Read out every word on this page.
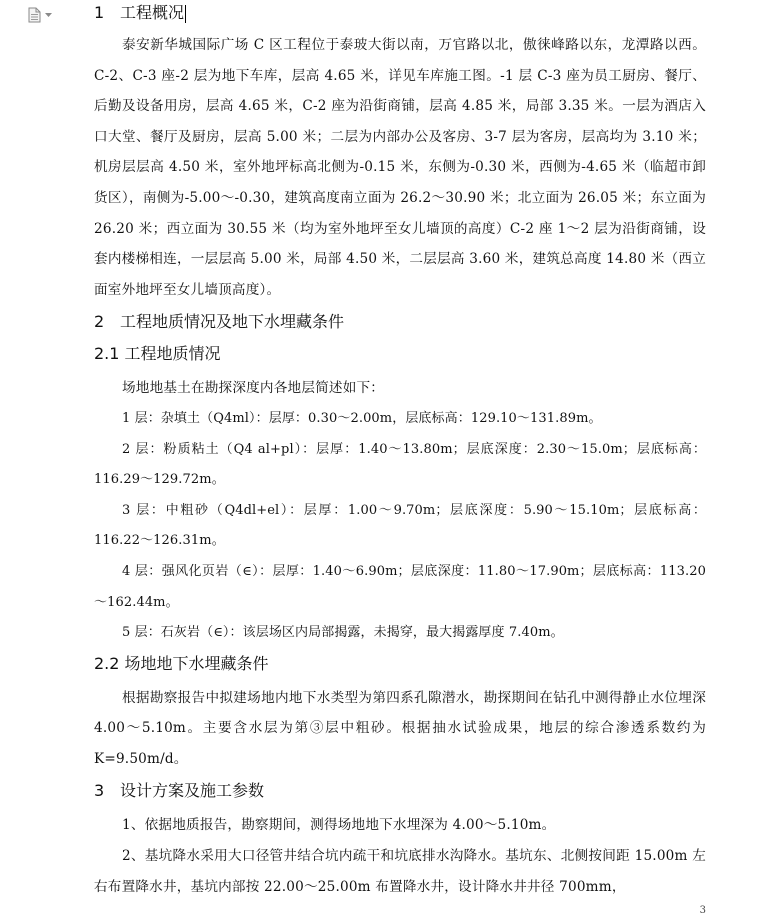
1 工程概况

泰安新华城国际广场 C 区工程位于泰玻大街以南，万官路以北，傲徕峰路以东，龙潭路以西。C-2、C-3 座-2 层为地下车库，层高 4.65 米，详见车库施工图。-1 层 C-3 座为员工厨房、餐厅、后勤及设备用房，层高 4.65 米，C-2 座为沿街商铺，层高 4.85 米，局部 3.35 米。一层为酒店入口大堂、餐厅及厨房，层高 5.00 米；二层为内部办公及客房、3-7 层为客房，层高均为 3.10 米；机房层层高 4.50 米，室外地坪标高北侧为-0.15 米，东侧为-0.30 米，西侧为-4.65 米（临超市卸货区），南侧为-5.00～-0.30，建筑高度南立面为 26.2～30.90 米；北立面为 26.05 米；东立面为 26.20 米；西立面为 30.55 米（均为室外地坪至女儿墙顶的高度）C-2 座 1～2 层为沿街商铺，设套内楼梯相连，一层层高 5.00 米，局部 4.50 米，二层层高 3.60 米，建筑总高度 14.80 米（西立面室外地坪至女儿墙顶高度）。

2 工程地质情况及地下水埋藏条件
2.1 工程地质情况

场地地基土在勘探深度内各地层简述如下：

1 层：杂填土（Q4ml）：层厚：0.30～2.00m，层底标高：129.10～131.89m。

2 层：粉质粘土（Q4 al+pl）：层厚：1.40～13.80m；层底深度：2.30～15.0m；层底标高：116.29～129.72m。

3 层：中粗砂（Q4dl+el）：层厚：1.00～9.70m；层底深度：5.90～15.10m；层底标高：116.22～126.31m。

4 层：强风化页岩（∈）：层厚：1.40～6.90m；层底深度：11.80～17.90m；层底标高：113.20～162.44m。

5 层：石灰岩（∈）：该层场区内局部揭露，未揭穿，最大揭露厚度 7.40m。

2.2 场地地下水埋藏条件

根据勘察报告中拟建场地内地下水类型为第四系孔隙潜水，勘探期间在钻孔中测得静止水位埋深 4.00～5.10m。主要含水层为第③层中粗砂。根据抽水试验成果，地层的综合渗透系数约为 K=9.50m/d。

3 设计方案及施工参数

1、依据地质报告，勘察期间，测得场地地下水埋深为 4.00～5.10m。

2、基坑降水采用大口径管井结合坑内疏干和坑底排水沟降水。基坑东、北侧按间距 15.00m 左右布置降水井，基坑内部按 22.00～25.00m 布置降水井，设计降水井井径 700mm，

3
